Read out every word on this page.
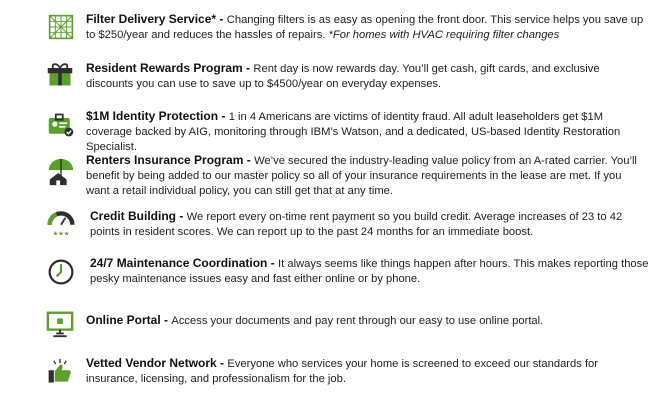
Filter Delivery Service* - Changing filters is as easy as opening the front door. This service helps you save up to $250/year and reduces the hassles of repairs. *For homes with HVAC requiring filter changes
Resident Rewards Program - Rent day is now rewards day. You’ll get cash, gift cards, and exclusive discounts you can use to save up to $4500/year on everyday expenses.
$1M Identity Protection - 1 in 4 Americans are victims of identity fraud. All adult leaseholders get $1M coverage backed by AIG, monitoring through IBM’s Watson, and a dedicated, US-based Identity Restoration Specialist.
Renters Insurance Program - We’ve secured the industry-leading value policy from an A-rated carrier. You’ll benefit by being added to our master policy so all of your insurance requirements in the lease are met. If you want a retail individual policy, you can still get that at any time.
★★★
Credit Building - We report every on-time rent payment so you build credit. Average increases of 23 to 42 points in resident scores. We can report up to the past 24 months for an immediate boost.
24/7 Maintenance Coordination - It always seems like things happen after hours. This makes reporting those pesky maintenance issues easy and fast either online or by phone.
Online Portal - Access your documents and pay rent through our easy to use online portal.
Vetted Vendor Network - Everyone who services your home is screened to exceed our standards for insurance, licensing, and professionalism for the job.
